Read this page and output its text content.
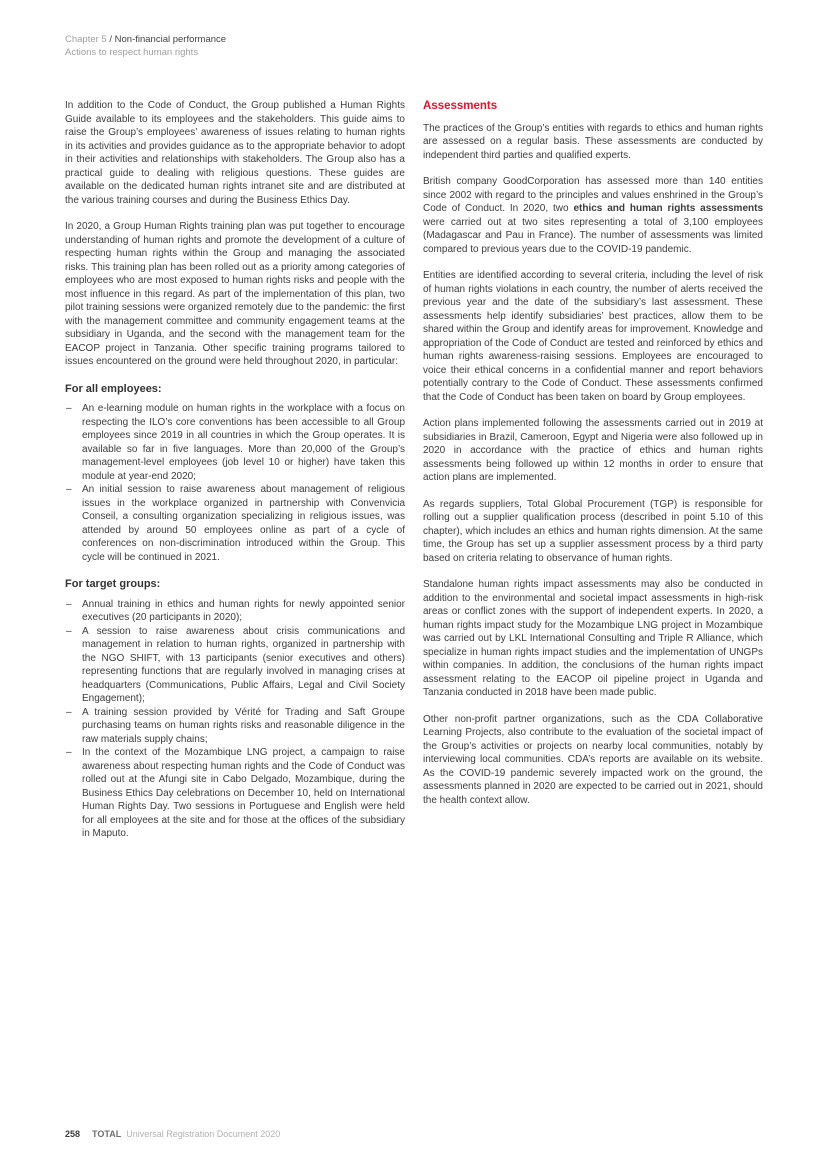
Chapter 5 / Non-financial performance
Actions to respect human rights

In addition to the Code of Conduct, the Group published a Human Rights Guide available to its employees and the stakeholders. This guide aims to raise the Group’s employees’ awareness of issues relating to human rights in its activities and provides guidance as to the appropriate behavior to adopt in their activities and relationships with stakeholders. The Group also has a practical guide to dealing with religious questions. These guides are available on the dedicated human rights intranet site and are distributed at the various training courses and during the Business Ethics Day.

In 2020, a Group Human Rights training plan was put together to encourage understanding of human rights and promote the development of a culture of respecting human rights within the Group and managing the associated risks. This training plan has been rolled out as a priority among categories of employees who are most exposed to human rights risks and people with the most influence in this regard. As part of the implementation of this plan, two pilot training sessions were organized remotely due to the pandemic: the first with the management committee and community engagement teams at the subsidiary in Uganda, and the second with the management team for the EACOP project in Tanzania. Other specific training programs tailored to issues encountered on the ground were held throughout 2020, in particular:

For all employees:
– An e-learning module on human rights in the workplace with a focus on respecting the ILO’s core conventions has been accessible to all Group employees since 2019 in all countries in which the Group operates. It is available so far in five languages. More than 20,000 of the Group’s management-level employees (job level 10 or higher) have taken this module at year-end 2020;

– An initial session to raise awareness about management of religious issues in the workplace organized in partnership with Convenvicia Conseil, a consulting organization specializing in religious issues, was attended by around 50 employees online as part of a cycle of conferences on non-discrimination introduced within the Group. This cycle will be continued in 2021.

For target groups:
– Annual training in ethics and human rights for newly appointed senior executives (20 participants in 2020);

– A session to raise awareness about crisis communications and management in relation to human rights, organized in partnership with the NGO SHIFT, with 13 participants (senior executives and others) representing functions that are regularly involved in managing crises at headquarters (Communications, Public Affairs, Legal and Civil Society Engagement);

– A training session provided by Vérité for Trading and Saft Groupe purchasing teams on human rights risks and reasonable diligence in the raw materials supply chains;

– In the context of the Mozambique LNG project, a campaign to raise awareness about respecting human rights and the Code of Conduct was rolled out at the Afungi site in Cabo Delgado, Mozambique, during the Business Ethics Day celebrations on December 10, held on International Human Rights Day. Two sessions in Portuguese and English were held for all employees at the site and for those at the offices of the subsidiary in Maputo.

Assessments

The practices of the Group’s entities with regards to ethics and human rights are assessed on a regular basis. These assessments are conducted by independent third parties and qualified experts.

British company GoodCorporation has assessed more than 140 entities since 2002 with regard to the principles and values enshrined in the Group’s Code of Conduct. In 2020, two ethics and human rights assessments were carried out at two sites representing a total of 3,100 employees (Madagascar and Pau in France). The number of assessments was limited compared to previous years due to the COVID-19 pandemic.

Entities are identified according to several criteria, including the level of risk of human rights violations in each country, the number of alerts received the previous year and the date of the subsidiary’s last assessment. These assessments help identify subsidiaries’ best practices, allow them to be shared within the Group and identify areas for improvement. Knowledge and appropriation of the Code of Conduct are tested and reinforced by ethics and human rights awareness-raising sessions. Employees are encouraged to voice their ethical concerns in a confidential manner and report behaviors potentially contrary to the Code of Conduct. These assessments confirmed that the Code of Conduct has been taken on board by Group employees.

Action plans implemented following the assessments carried out in 2019 at subsidiaries in Brazil, Cameroon, Egypt and Nigeria were also followed up in 2020 in accordance with the practice of ethics and human rights assessments being followed up within 12 months in order to ensure that action plans are implemented.

As regards suppliers, Total Global Procurement (TGP) is responsible for rolling out a supplier qualification process (described in point 5.10 of this chapter), which includes an ethics and human rights dimension. At the same time, the Group has set up a supplier assessment process by a third party based on criteria relating to observance of human rights.

Standalone human rights impact assessments may also be conducted in addition to the environmental and societal impact assessments in high-risk areas or conflict zones with the support of independent experts. In 2020, a human rights impact study for the Mozambique LNG project in Mozambique was carried out by LKL International Consulting and Triple R Alliance, which specialize in human rights impact studies and the implementation of UNGPs within companies. In addition, the conclusions of the human rights impact assessment relating to the EACOP oil pipeline project in Uganda and Tanzania conducted in 2018 have been made public.

Other non-profit partner organizations, such as the CDA Collaborative Learning Projects, also contribute to the evaluation of the societal impact of the Group’s activities or projects on nearby local communities, notably by interviewing local communities. CDA’s reports are available on its website. As the COVID-19 pandemic severely impacted work on the ground, the assessments planned in 2020 are expected to be carried out in 2021, should the health context allow.

258 TOTAL Universal Registration Document 2020
